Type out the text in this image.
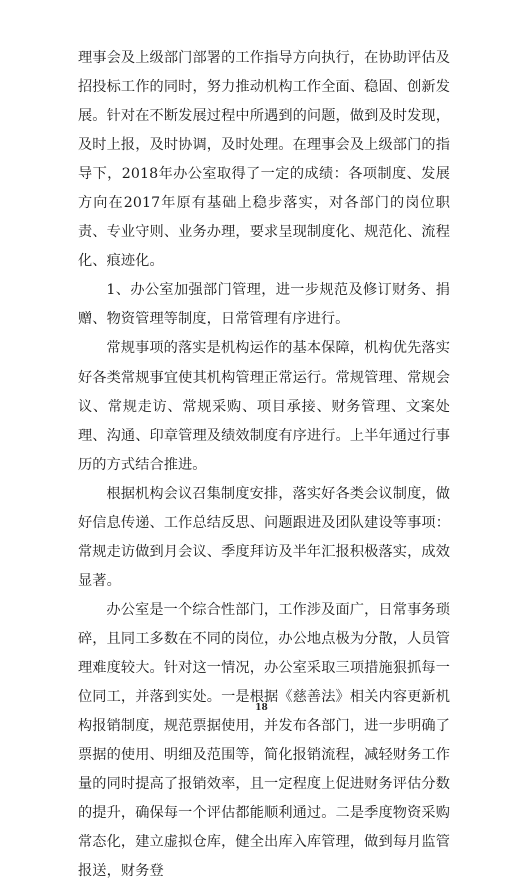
理事会及上级部门部署的工作指导方向执行，在协助评估及招投标工作的同时，努力推动机构工作全面、稳固、创新发展。针对在不断发展过程中所遇到的问题，做到及时发现，及时上报，及时协调，及时处理。在理事会及上级部门的指导下，2018年办公室取得了一定的成绩：各项制度、发展方向在2017年原有基础上稳步落实，对各部门的岗位职责、专业守则、业务办理，要求呈现制度化、规范化、流程化、痕迹化。

1、办公室加强部门管理，进一步规范及修订财务、捐赠、物资管理等制度，日常管理有序进行。

常规事项的落实是机构运作的基本保障，机构优先落实好各类常规事宜使其机构管理正常运行。常规管理、常规会议、常规走访、常规采购、项目承接、财务管理、文案处理、沟通、印章管理及绩效制度有序进行。上半年通过行事历的方式结合推进。

根据机构会议召集制度安排，落实好各类会议制度，做好信息传递、工作总结反思、问题跟进及团队建设等事项：常规走访做到月会议、季度拜访及半年汇报积极落实，成效显著。

办公室是一个综合性部门，工作涉及面广，日常事务琐碎，且同工多数在不同的岗位，办公地点极为分散，人员管理难度较大。针对这一情况，办公室采取三项措施狠抓每一位同工，并落到实处。一是根据《慈善法》相关内容更新机构报销制度，规范票据使用，并发布各部门，进一步明确了票据的使用、明细及范围等，简化报销流程，减轻财务工作量的同时提高了报销效率，且一定程度上促进财务评估分数的提升，确保每一个评估都能顺利通过。二是季度物资采购常态化，建立虚拟仓库，健全出库入库管理，做到每月监管报送，财务登

18
